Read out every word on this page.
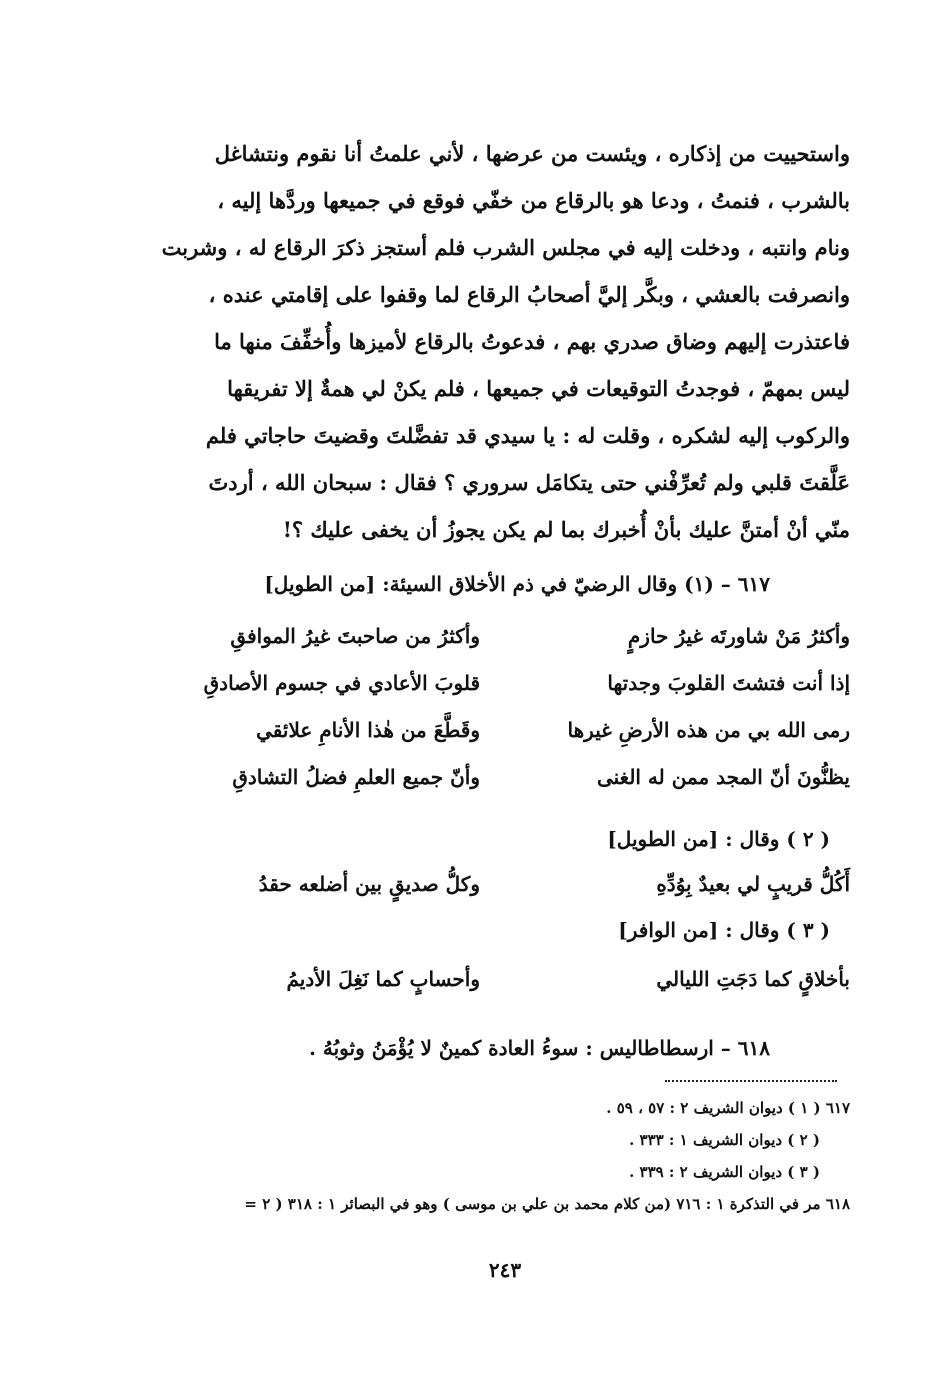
واستحييت من إذكاره ، ويئست من عرضها ، لأني علمتُ أنا نقوم ونتشاغل
بالشرب ، فنمتُ ، ودعا هو بالرقاع من خفّي فوقع في جميعها وردَّها إليه ،
ونام وانتبه ، ودخلت إليه في مجلس الشرب فلم أستجز ذكرَ الرقاع له ، وشربت
وانصرفت بالعشي ، وبكَّر إليَّ أصحابُ الرقاع لما وقفوا على إقامتي عنده ،
فاعتذرت إليهم وضاق صدري بهم ، فدعوتُ بالرقاع لأميزها وأُخفِّفَ منها ما
ليس بمهمّ ، فوجدتُ التوقيعات في جميعها ، فلم يكنْ لي همةٌ إلا تفريقها
والركوب إليه لشكره ، وقلت له : يا سيدي قد تفضَّلتَ وقضيتَ حاجاتي فلم
عَلَّقتَ قلبي ولم تُعرِّفْني حتى يتكامَل سروري ؟ فقال : سبحان الله ، أردتَ
منّي أنْ أمتنَّ عليك بأنْ أُخبرك بما لم يكن يجوزُ أن يخفى عليك ؟!
٦١٧ – (١) وقال الرضيّ في ذم الأخلاق السيئة: [من الطويل]
وأكثرُ مَنْ شاورتَه غيرُ حازمٍ
وأكثرُ من صاحبتَ غيرُ الموافقِ
إذا أنت فتشتَ القلوبَ وجدتها
قلوبَ الأعادي في جسوم الأصادقِ
رمى الله بي من هذه الأرضِ غيرها
وقَطَّعَ من هٰذا الأنامِ علائقي
يظنُّونَ أنّ المجد ممن له الغنى
وأنّ جميع العلمِ فضلُ التشادقِ
( ٢ ) وقال : [من الطويل]
أَكُلُّ قريبٍ لي بعيدٌ بِوُدِّهِ
وكلُّ صديقٍ بين أضلعه حقدُ
( ٣ ) وقال : [من الوافر]
بأخلاقٍ كما دَجَتِ الليالي
وأحسابٍ كما نَغِلَ الأديمُ
٦١٨ – ارسطاطاليس : سوءُ العادة كمينٌ لا يُؤْمَنُ وثوبُهُ .
٦١٧ ( ١ ) ديوان الشريف ٢ : ٥٧ ، ٥٩ .
( ٢ ) ديوان الشريف ١ : ٣٣٣ .
( ٣ ) ديوان الشريف ٢ : ٣٣٩ .
٦١٨ مر في التذكرة ١ : ٧١٦ (من كلام محمد بن علي بن موسى ) وهو في البصائر ١ : ٣١٨ ( ٢ =
٢٤٣
